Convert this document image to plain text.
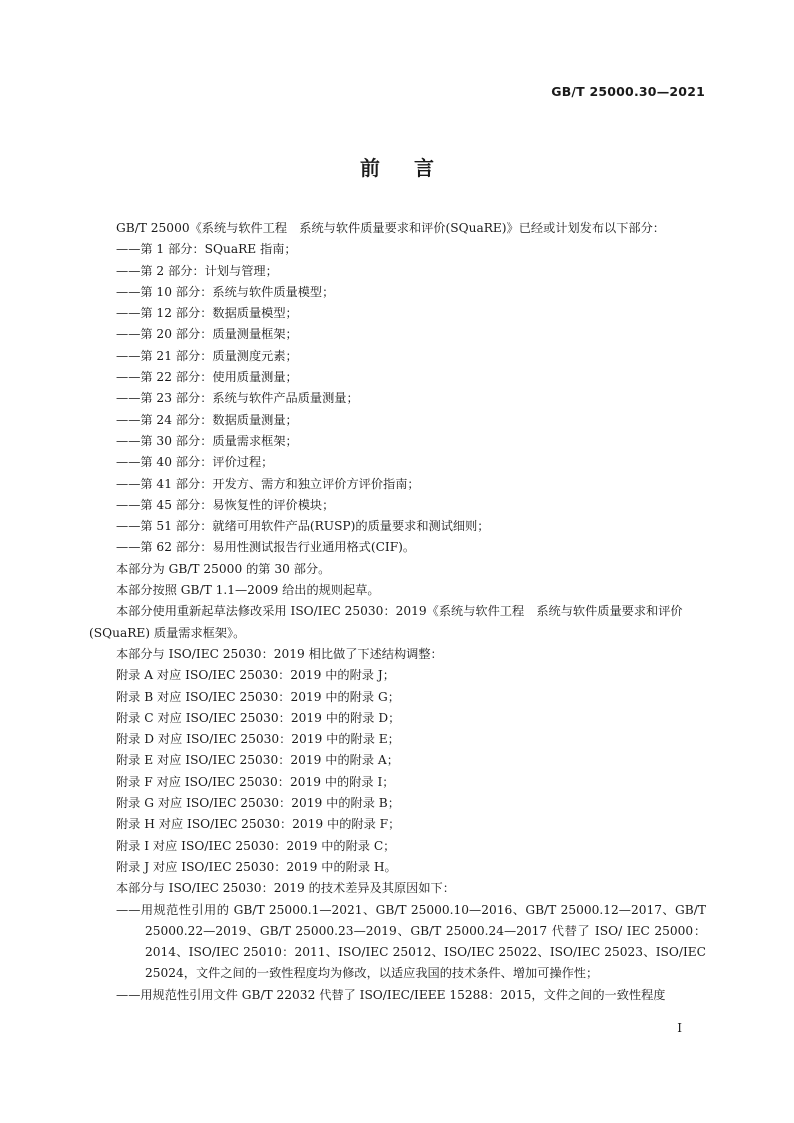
GB/T 25000.30—2021
前言

GB/T 25000《系统与软件工程　系统与软件质量要求和评价(SQuaRE)》已经或计划发布以下部分：

——第 1 部分：SQuaRE 指南；

——第 2 部分：计划与管理；

——第 10 部分：系统与软件质量模型；

——第 12 部分：数据质量模型；

——第 20 部分：质量测量框架；

——第 21 部分：质量测度元素；

——第 22 部分：使用质量测量；

——第 23 部分：系统与软件产品质量测量；

——第 24 部分：数据质量测量；

——第 30 部分：质量需求框架；

——第 40 部分：评价过程；

——第 41 部分：开发方、需方和独立评价方评价指南；

——第 45 部分：易恢复性的评价模块；

——第 51 部分：就绪可用软件产品(RUSP)的质量要求和测试细则；

——第 62 部分：易用性测试报告行业通用格式(CIF)。

本部分为 GB/T 25000 的第 30 部分。

本部分按照 GB/T 1.1—2009 给出的规则起草。

本部分使用重新起草法修改采用 ISO/IEC 25030：2019《系统与软件工程　系统与软件质量要求和评价(SQuaRE) 质量需求框架》。

本部分与 ISO/IEC 25030：2019 相比做了下述结构调整：

附录 A 对应 ISO/IEC 25030：2019 中的附录 J；

附录 B 对应 ISO/IEC 25030：2019 中的附录 G；

附录 C 对应 ISO/IEC 25030：2019 中的附录 D；

附录 D 对应 ISO/IEC 25030：2019 中的附录 E；

附录 E 对应 ISO/IEC 25030：2019 中的附录 A；

附录 F 对应 ISO/IEC 25030：2019 中的附录 I；

附录 G 对应 ISO/IEC 25030：2019 中的附录 B；

附录 H 对应 ISO/IEC 25030：2019 中的附录 F；

附录 I 对应 ISO/IEC 25030：2019 中的附录 C；

附录 J 对应 ISO/IEC 25030：2019 中的附录 H。

本部分与 ISO/IEC 25030：2019 的技术差异及其原因如下：

——用规范性引用的 GB/T 25000.1—2021、GB/T 25000.10—2016、GB/T 25000.12—2017、GB/T 25000.22—2019、GB/T 25000.23—2019、GB/T 25000.24—2017 代替了 ISO/ IEC 25000：2014、ISO/IEC 25010：2011、ISO/IEC 25012、ISO/IEC 25022、ISO/IEC 25023、ISO/IEC 25024，文件之间的一致性程度均为修改，以适应我国的技术条件、增加可操作性；

——用规范性引用文件 GB/T 22032 代替了 ISO/IEC/IEEE 15288：2015，文件之间的一致性程度

I
